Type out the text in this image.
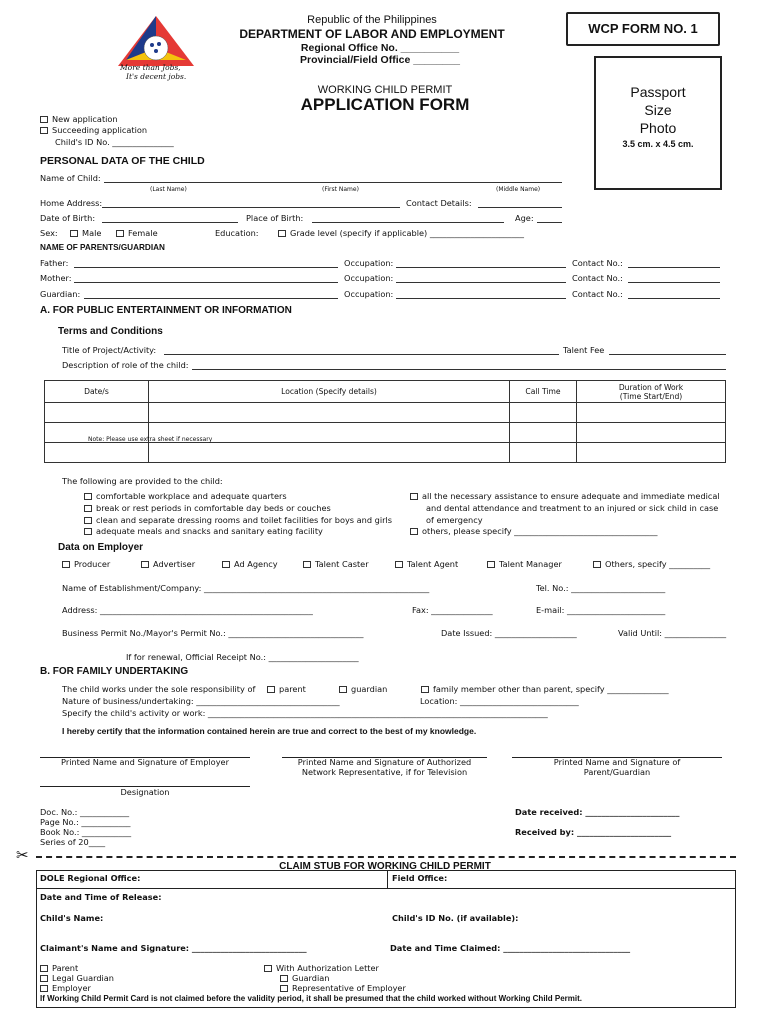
More than Jobs,
It's decent jobs.
Republic of the Philippines
DEPARTMENT OF LABOR AND EMPLOYMENT
Regional Office No. __________
Provincial/Field Office ________
WCP FORM NO. 1
WORKING CHILD PERMIT
APPLICATION FORM
Passport
Size
Photo
3.5 cm. x 4.5 cm.
New application
Succeeding application
Child's ID No. _______________
PERSONAL DATA OF THE CHILD
Name of Child:
(Last Name)	(First Name)	(Middle Name)
Home Address:	Contact Details:
Date of Birth:	Place of Birth:	Age:
Sex:	Male	Female	Education:	Grade level (specify if applicable) _______________________
NAME OF PARENTS/GUARDIAN
Father:	Occupation:	Contact No.:
Mother:	Occupation:	Contact No.:
Guardian:	Occupation:	Contact No.:
A. FOR PUBLIC ENTERTAINMENT OR INFORMATION
Terms and Conditions
Title of Project/Activity:	Talent Fee
Description of role of the child:
Date/s	Location (Specify details)	Call Time	Duration of Work
(Time Start/End)

Note: Please use extra sheet if necessary
The following are provided to the child:
comfortable workplace and adequate quarters
break or rest periods in comfortable day beds or couches
clean and separate dressing rooms and toilet facilities for boys and girls
adequate meals and snacks and sanitary eating facility
all the necessary assistance to ensure adequate and immediate medical
and dental attendance and treatment to an injured or sick child in case
of emergency
others, please specify ___________________________________
Data on Employer
Producer	Advertiser	Ad Agency	Talent Caster	Talent Agent	Talent Manager	Others, specify __________
Name of Establishment/Company: _______________________________________________________	Tel. No.: _______________________
Address: ____________________________________________________	Fax: _______________	E-mail: ________________________
Business Permit No./Mayor's Permit No.: _________________________________	Date Issued: ____________________	Valid Until: _______________
If for renewal, Official Receipt No.: ______________________
B. FOR FAMILY UNDERTAKING
The child works under the sole responsibility of	parent	guardian	family member other than parent, specify _______________
Nature of business/undertaking: ___________________________________	Location: _____________________________
Specify the child's activity or work: ___________________________________________________________________________________
I hereby certify that the information contained herein are true and correct to the best of my knowledge.
Printed Name and Signature of Employer	Printed Name and Signature of Authorized
Network Representative, if for Television
Printed Name and Signature of
Parent/Guardian
Designation
Doc. No.: ____________
Page No.: ____________
Book No.: ____________
Series of 20____
Date received: _______________________
Received by: _______________________
✂
CLAIM STUB FOR WORKING CHILD PERMIT
DOLE Regional Office:	Field Office:
Date and Time of Release:
Child's Name:	Child's ID No. (if available):
Claimant's Name and Signature: ____________________________	Date and Time Claimed: _______________________________
Parent
Legal Guardian
Employer
With Authorization Letter
Guardian
Representative of Employer
If Working Child Permit Card is not claimed before the validity period, it shall be presumed that the child worked without Working Child Permit.
